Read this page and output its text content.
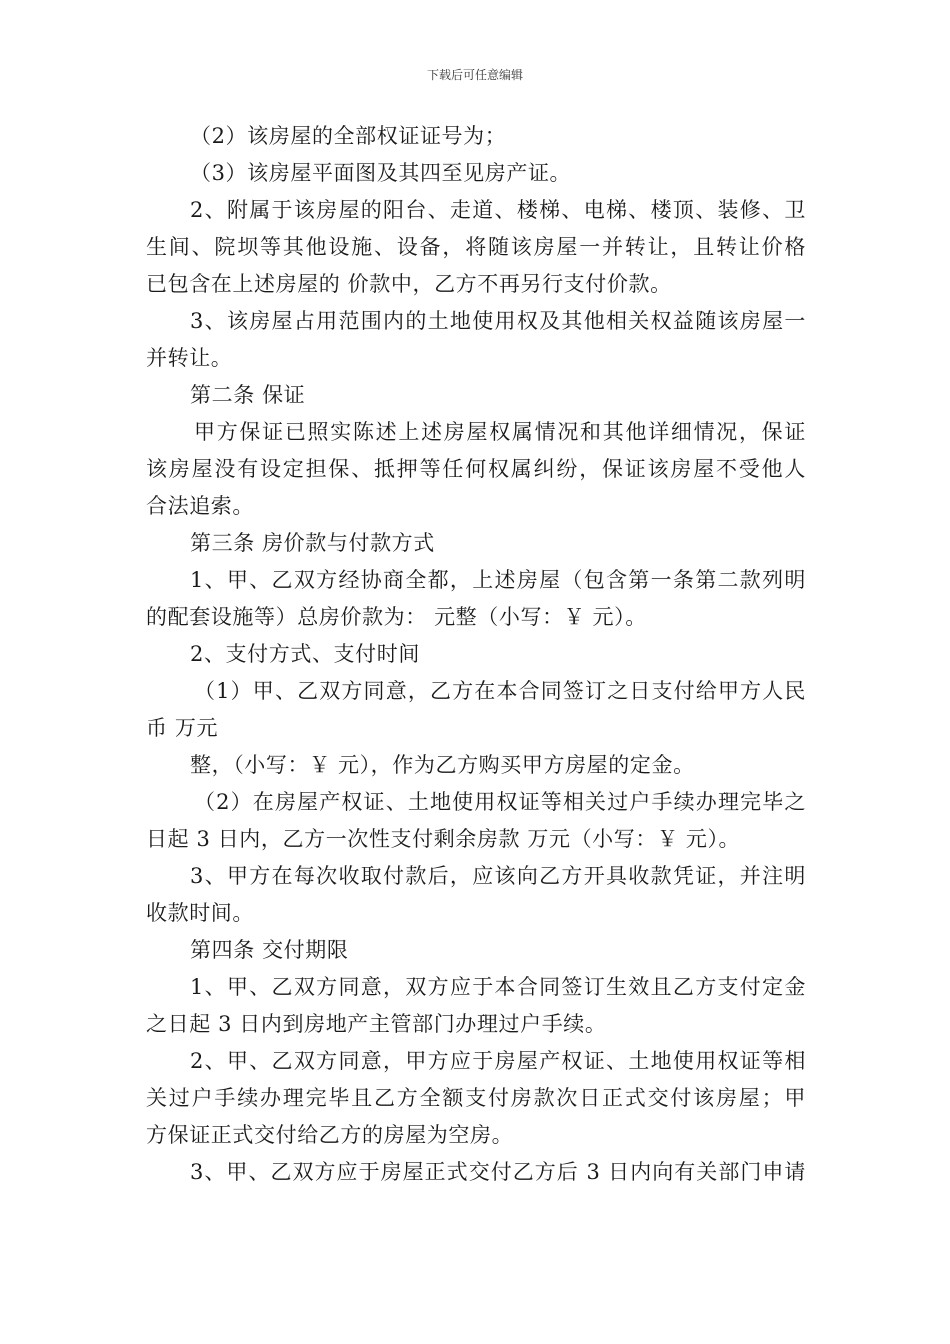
下载后可任意编辑
（2）该房屋的全部权证证号为；
（3）该房屋平面图及其四至见房产证。
2、附属于该房屋的阳台、走道、楼梯、电梯、楼顶、装修、卫
生间、院坝等其他设施、设备，将随该房屋一并转让，且转让价格
已包含在上述房屋的 价款中，乙方不再另行支付价款。
3、该房屋占用范围内的土地使用权及其他相关权益随该房屋一
并转让。
第二条 保证
甲方保证已照实陈述上述房屋权属情况和其他详细情况，保证
该房屋没有设定担保、抵押等任何权属纠纷，保证该房屋不受他人
合法追索。
第三条 房价款与付款方式
1、甲、乙双方经协商全都，上述房屋（包含第一条第二款列明
的配套设施等）总房价款为： 元整（小写：￥ 元）。
2、支付方式、支付时间
（1）甲、乙双方同意，乙方在本合同签订之日支付给甲方人民
币 万元
整，（小写：￥ 元），作为乙方购买甲方房屋的定金。
（2）在房屋产权证、土地使用权证等相关过户手续办理完毕之
日起 3 日内，乙方一次性支付剩余房款 万元（小写：￥ 元）。
3、甲方在每次收取付款后，应该向乙方开具收款凭证，并注明
收款时间。
第四条 交付期限
1、甲、乙双方同意，双方应于本合同签订生效且乙方支付定金
之日起 3 日内到房地产主管部门办理过户手续。
2、甲、乙双方同意，甲方应于房屋产权证、土地使用权证等相
关过户手续办理完毕且乙方全额支付房款次日正式交付该房屋；甲
方保证正式交付给乙方的房屋为空房。
3、甲、乙双方应于房屋正式交付乙方后 3 日内向有关部门申请
